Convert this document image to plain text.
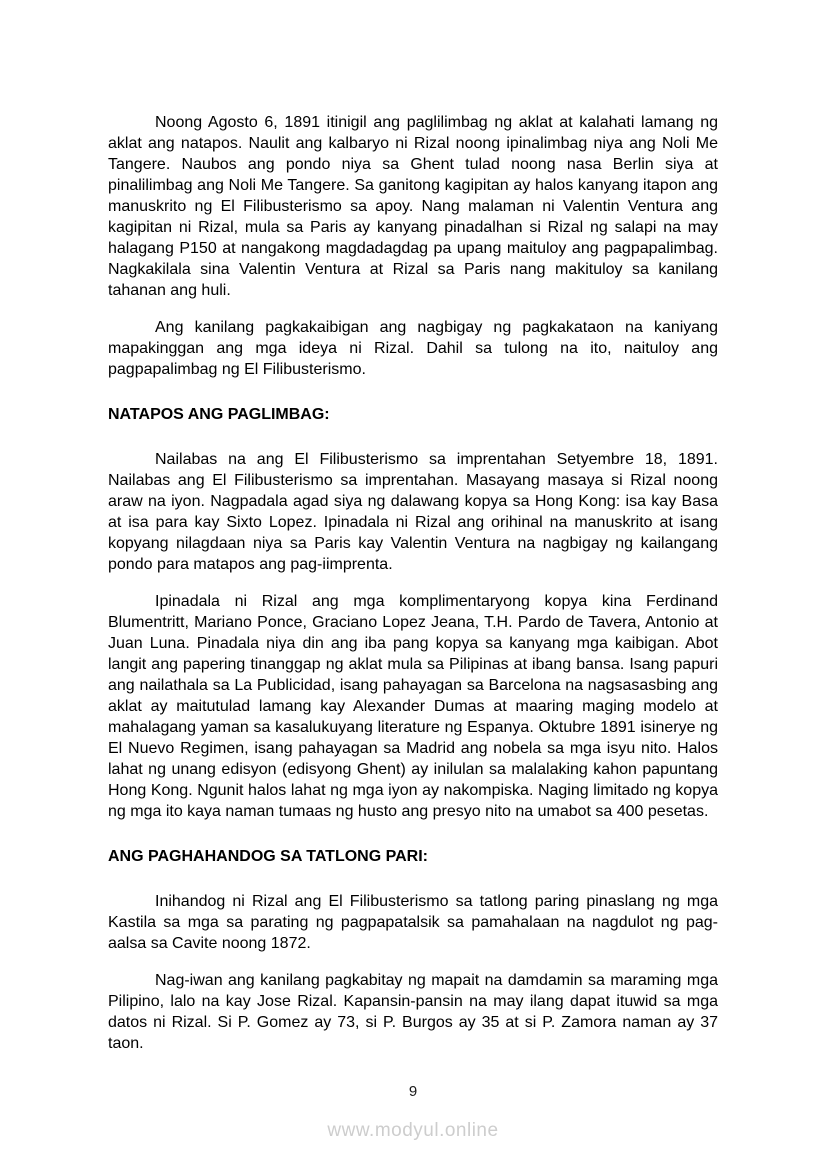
Noong Agosto 6, 1891 itinigil ang paglilimbag ng aklat at kalahati lamang ng aklat ang natapos. Naulit ang kalbaryo ni Rizal noong ipinalimbag niya ang Noli Me Tangere. Naubos ang pondo niya sa Ghent tulad noong nasa Berlin siya at pinalilimbag ang Noli Me Tangere. Sa ganitong kagipitan ay halos kanyang itapon ang manuskrito ng El Filibusterismo sa apoy. Nang malaman ni Valentin Ventura ang kagipitan ni Rizal, mula sa Paris ay kanyang pinadalhan si Rizal ng salapi na may halagang P150 at nangakong magdadagdag pa upang maituloy ang pagpapalimbag. Nagkakilala sina Valentin Ventura at Rizal sa Paris nang makituloy sa kanilang tahanan ang huli.

Ang kanilang pagkakaibigan ang nagbigay ng pagkakataon na kaniyang mapakinggan ang mga ideya ni Rizal. Dahil sa tulong na ito, naituloy ang pagpapalimbag ng El Filibusterismo.

NATAPOS ANG PAGLIMBAG:

Nailabas na ang El Filibusterismo sa imprentahan Setyembre 18, 1891. Nailabas ang El Filibusterismo sa imprentahan. Masayang masaya si Rizal noong araw na iyon. Nagpadala agad siya ng dalawang kopya sa Hong Kong: isa kay Basa at isa para kay Sixto Lopez. Ipinadala ni Rizal ang orihinal na manuskrito at isang kopyang nilagdaan niya sa Paris kay Valentin Ventura na nagbigay ng kailangang pondo para matapos ang pag-iimprenta.

Ipinadala ni Rizal ang mga komplimentaryong kopya kina Ferdinand Blumentritt, Mariano Ponce, Graciano Lopez Jeana, T.H. Pardo de Tavera, Antonio at Juan Luna. Pinadala niya din ang iba pang kopya sa kanyang mga kaibigan. Abot langit ang papering tinanggap ng aklat mula sa Pilipinas at ibang bansa. Isang papuri ang nailathala sa La Publicidad, isang pahayagan sa Barcelona na nagsasasbing ang aklat ay maitutulad lamang kay Alexander Dumas at maaring maging modelo at mahalagang yaman sa kasalukuyang literature ng Espanya. Oktubre 1891 isinerye ng El Nuevo Regimen, isang pahayagan sa Madrid ang nobela sa mga isyu nito. Halos lahat ng unang edisyon (edisyong Ghent) ay inilulan sa malalaking kahon papuntang Hong Kong. Ngunit halos lahat ng mga iyon ay nakompiska. Naging limitado ng kopya ng mga ito kaya naman tumaas ng husto ang presyo nito na umabot sa 400 pesetas.

ANG PAGHAHANDOG SA TATLONG PARI:

Inihandog ni Rizal ang El Filibusterismo sa tatlong paring pinaslang ng mga Kastila sa mga sa parating ng pagpapatalsik sa pamahalaan na nagdulot ng pag-aalsa sa Cavite noong 1872.

Nag-iwan ang kanilang pagkabitay ng mapait na damdamin sa maraming mga Pilipino, lalo na kay Jose Rizal. Kapansin-pansin na may ilang dapat ituwid sa mga datos ni Rizal. Si P. Gomez ay 73, si P. Burgos ay 35 at si P. Zamora naman ay 37 taon.

9
www.modyul.online
